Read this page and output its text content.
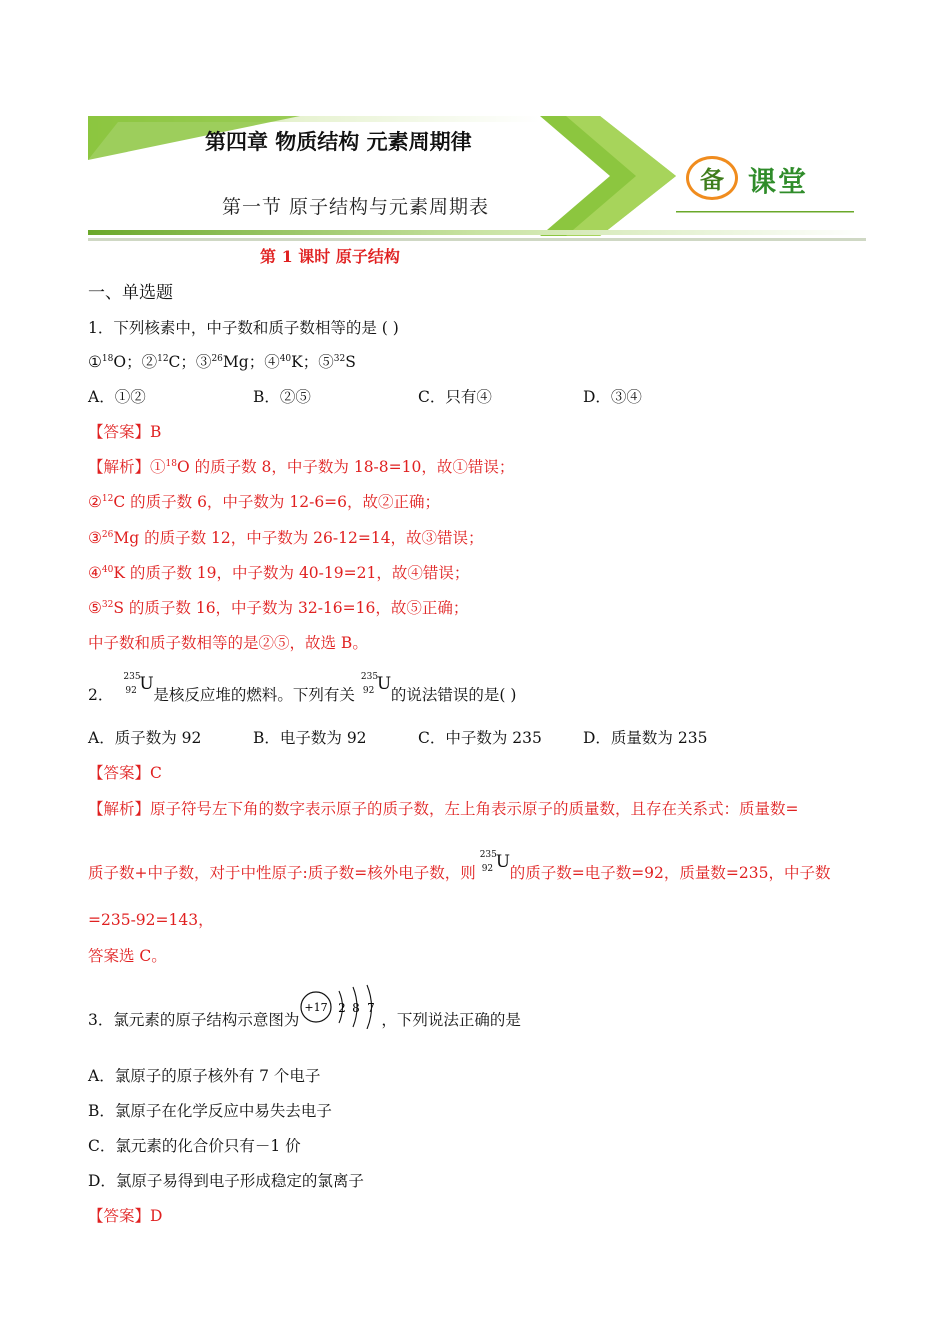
第四章 物质结构 元素周期律
第一节 原子结构与元素周期表
备 课堂
第 1 课时 原子结构
一、单选题
1．下列核素中，中子数和质子数相等的是 ( )
①$^{18}$O；②$^{12}$C；③$^{26}$Mg；④$^{40}$K；⑤$^{32}$S
A．①②	B．②⑤	C．只有④	D．③④
【答案】B
【解析】①$^{18}$O 的质子数 8，中子数为 18-8=10，故①错误；
②$^{12}$C 的质子数 6，中子数为 12-6=6，故②正确；
③$^{26}$Mg 的质子数 12，中子数为 26-12=14，故③错误；
④$^{40}$K 的质子数 19，中子数为 40-19=21，故④错误；
⑤$^{32}$S 的质子数 16，中子数为 32-16=16，故⑤正确；
中子数和质子数相等的是②⑤，故选 B。
2．
235
92 U
是核反应堆的燃料。下列有关
235
92 U
的说法错误的是( )
A．质子数为 92	B．电子数为 92	C．中子数为 235	D．质量数为 235
【答案】C
【解析】原子符号左下角的数字表示原子的质子数，左上角表示原子的质量数，且存在关系式：质量数=
质子数+中子数，对于中性原子:质子数=核外电子数，则
235
92 U
的质子数=电子数=92，质量数=235，中子数
=235-92=143，
答案选 C。
3．氯元素的原子结构示意图为
+17 2 8 7
，下列说法正确的是
A．氯原子的原子核外有 7 个电子
B．氯原子在化学反应中易失去电子
C．氯元素的化合价只有－1 价
D．氯原子易得到电子形成稳定的氯离子
【答案】D
